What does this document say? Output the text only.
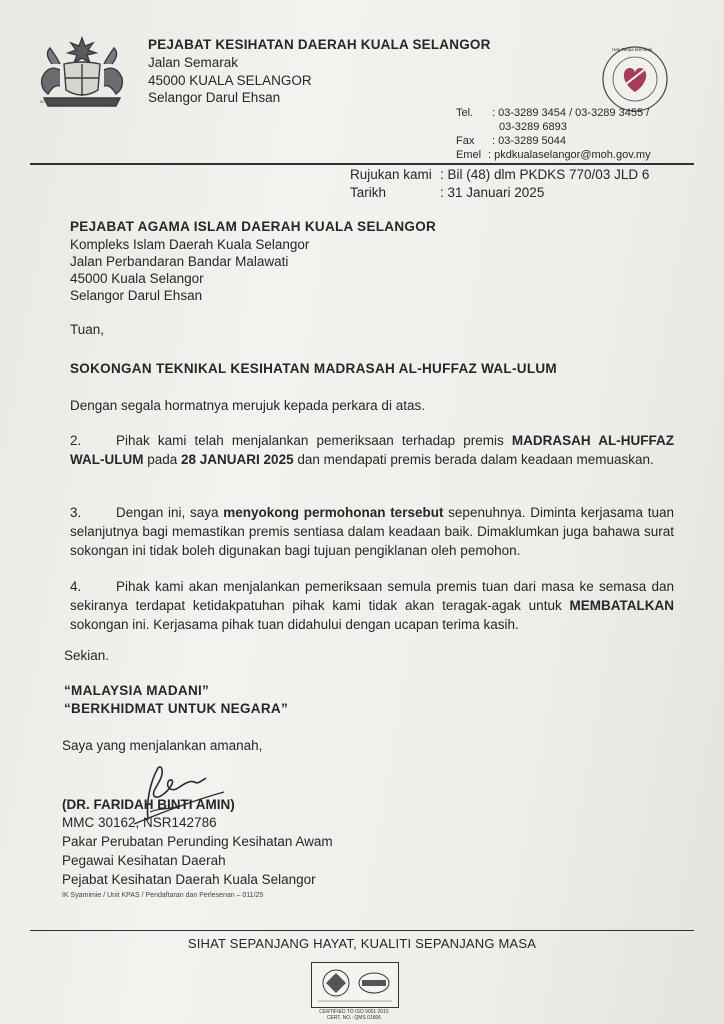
BERSEKUTU BERTAMBAH MUTU
PEJABAT KESIHATAN DAERAH KUALA SELANGOR
Jalan Semarak
45000 KUALA SELANGOR
Selangor Darul Ehsan
Hari Tanpa Merokok
Tel. : 03-3289 3454 / 03-3289 3455 /
03-3289 6893
Fax : 03-3289 5044
Emel : pkdkualaselangor@moh.gov.my
Rujukan kami : Bil (48) dlm PKDKS 770/03 JLD 6
Tarikh	: 31 Januari 2025
PEJABAT AGAMA ISLAM DAERAH KUALA SELANGOR
Kompleks Islam Daerah Kuala Selangor
Jalan Perbandaran Bandar Malawati
45000 Kuala Selangor
Selangor Darul Ehsan
Tuan,
SOKONGAN TEKNIKAL KESIHATAN MADRASAH AL-HUFFAZ WAL-ULUM
Dengan segala hormatnya merujuk kepada perkara di atas.
2.	Pihak kami telah menjalankan pemeriksaan terhadap premis MADRASAH AL-HUFFAZ WAL-ULUM pada 28 JANUARI 2025 dan mendapati premis berada dalam keadaan memuaskan.
3.	Dengan ini, saya menyokong permohonan tersebut sepenuhnya. Diminta kerjasama tuan selanjutnya bagi memastikan premis sentiasa dalam keadaan baik. Dimaklumkan juga bahawa surat sokongan ini tidak boleh digunakan bagi tujuan pengiklanan oleh pemohon.
4.	Pihak kami akan menjalankan pemeriksaan semula premis tuan dari masa ke semasa dan sekiranya terdapat ketidakpatuhan pihak kami tidak akan teragak-agak untuk MEMBATALKAN sokongan ini. Kerjasama pihak tuan didahului dengan ucapan terima kasih.
Sekian.
“MALAYSIA MADANI”
“BERKHIDMAT UNTUK NEGARA”
Saya yang menjalankan amanah,
(DR. FARIDAH BINTI AMIN)
MMC 30162, NSR142786
Pakar Perubatan Perunding Kesihatan Awam
Pegawai Kesihatan Daerah
Pejabat Kesihatan Daerah Kuala Selangor
IK Syamimie / Unit KPAS / Pendaftaran dan Perlesenan – 011/25
SIHAT SEPANJANG HAYAT, KUALITI SEPANJANG MASA
CERTIFIED TO ISO 9001:2015
CERT. NO.: QMS 01806
